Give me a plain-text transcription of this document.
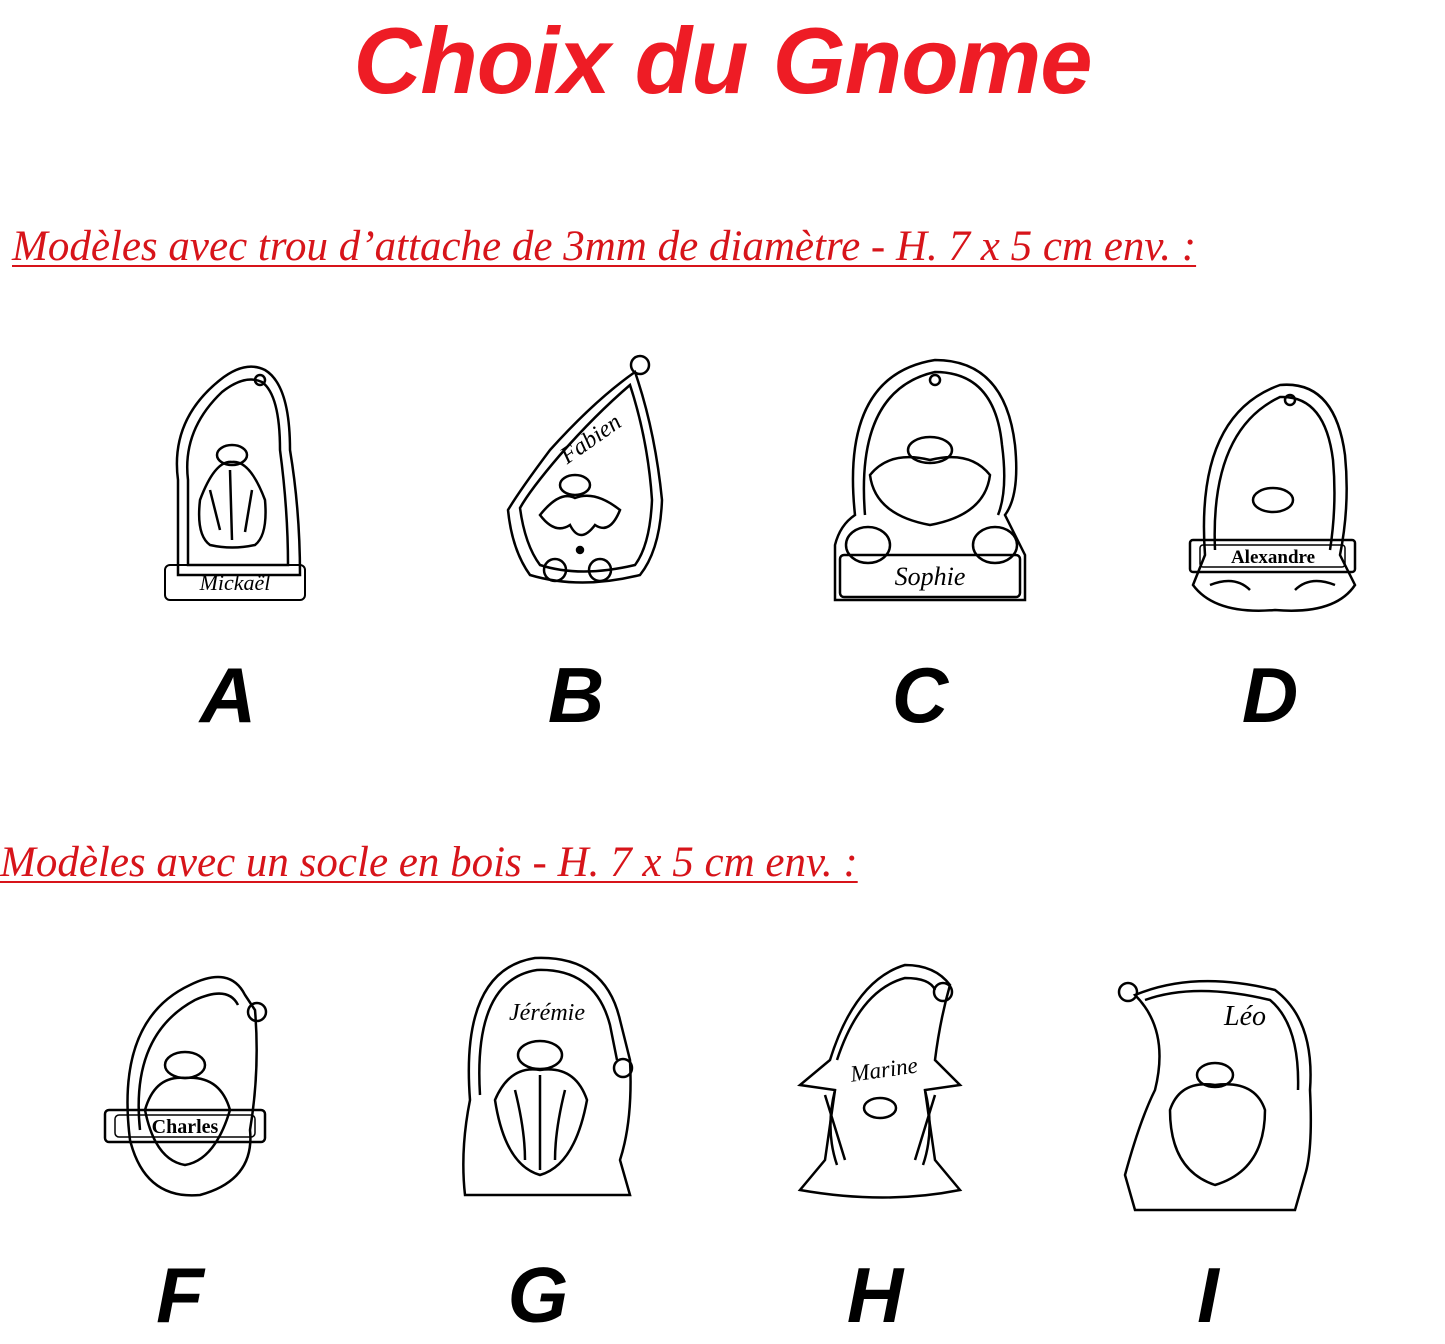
Choix du Gnome
Modèles avec trou d’attache de 3mm de diamètre - H. 7 x 5 cm env. :
Mickaël
A
Fabien
B
Sophie
C
Alexandre
D
Modèles avec un socle en bois - H. 7 x 5 cm env. :
Charles
F
Jérémie
G
Marine
H
Léo
I
